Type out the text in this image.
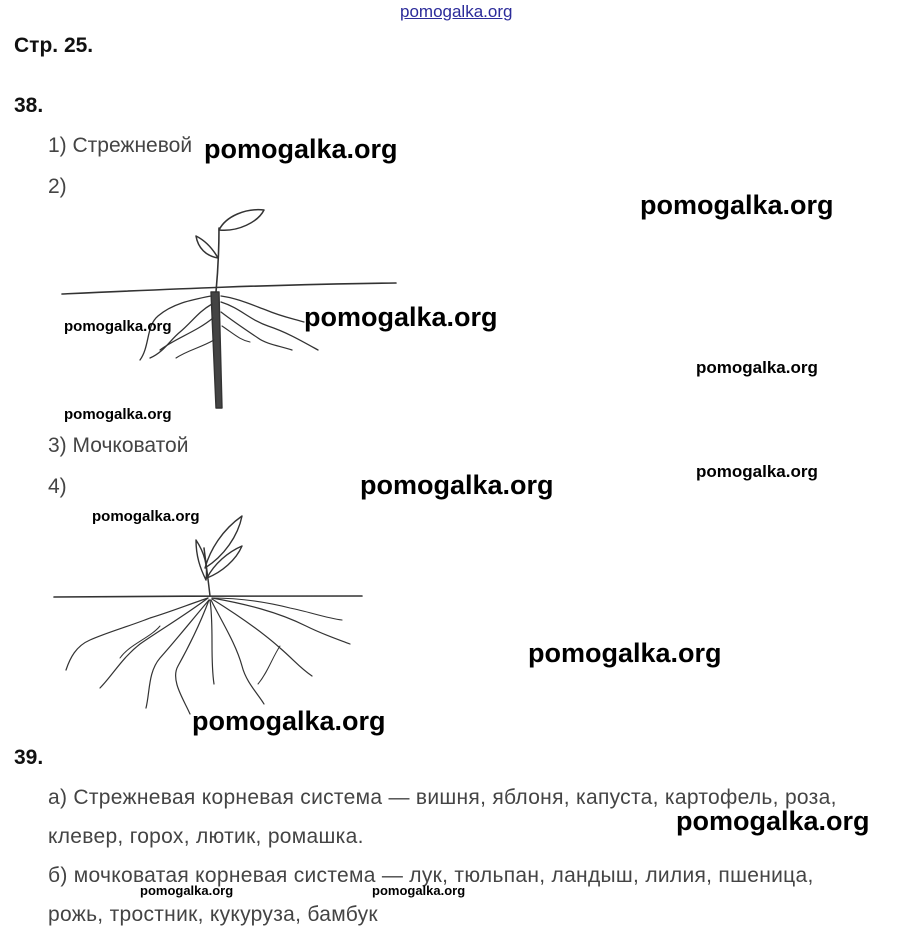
pomogalka.org
Стр. 25.
38.
1) Стрежневой
2)
3) Мочковатой
4)
39.
а) Стрежневая корневая система — вишня, яблоня, капуста, картофель, роза,
клевер, горох, лютик, ромашка.
б) мочковатая корневая система — лук, тюльпан, ландыш, лилия, пшеница,
рожь, тростник, кукуруза, бамбук
pomogalka.org
pomogalka.org
pomogalka.org
pomogalka.org
pomogalka.org
pomogalka.org
pomogalka.org
pomogalka.org
pomogalka.org
pomogalka.org
pomogalka.org
pomogalka.org
pomogalka.org	pomogalka.org
